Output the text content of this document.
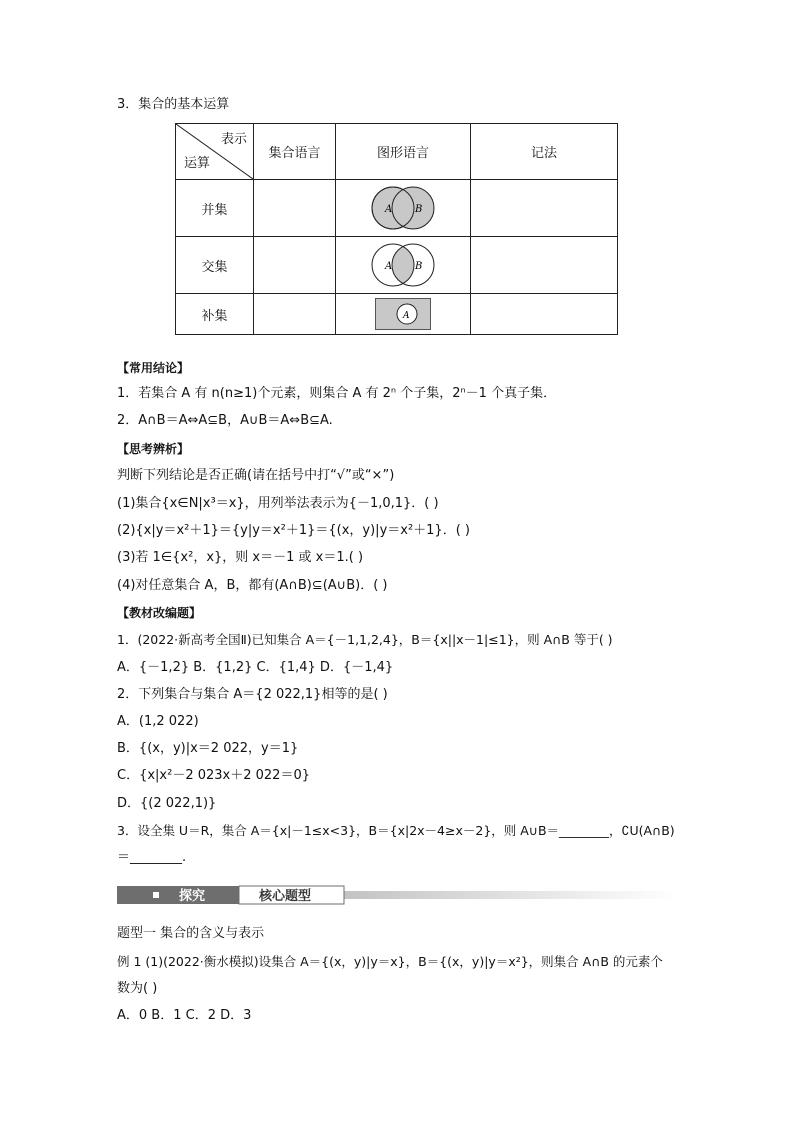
3．集合的基本运算
表示
运算	集合语言	图形语言	记法
并集		A B	

交集		A B	

补集		A	

【常用结论】
1．若集合 A 有 n(n≥1)个元素，则集合 A 有 2ⁿ 个子集，2ⁿ－1 个真子集．
2．A∩B＝A⇔A⊆B，A∪B＝A⇔B⊆A.
【思考辨析】
判断下列结论是否正确(请在括号中打“√”或“×”)
(1)集合{x∈N|x³＝x}，用列举法表示为{－1,0,1}．( )
(2){x|y＝x²＋1}＝{y|y＝x²＋1}＝{(x，y)|y＝x²＋1}．( )
(3)若 1∈{x²，x}，则 x＝－1 或 x＝1.( )
(4)对任意集合 A，B，都有(A∩B)⊆(A∪B)．( )
【教材改编题】
1．(2022·新高考全国Ⅱ)已知集合 A＝{－1,1,2,4}，B＝{x||x－1|≤1}，则 A∩B 等于( )
A．{－1,2} B．{1,2} C．{1,4} D．{－1,4}
2．下列集合与集合 A＝{2 022,1}相等的是( )
A．(1,2 022)
B．{(x，y)|x＝2 022，y＝1}
C．{x|x²－2 023x＋2 022＝0}
D．{(2 022,1)}
3．设全集 U＝R，集合 A＝{x|－1≤x<3}，B＝{x|2x－4≥x－2}，则 A∪B＝________，∁U(A∩B)
＝________.
探究	核心题型
题型一 集合的含义与表示
例 1 (1)(2022·衡水模拟)设集合 A＝{(x，y)|y＝x}，B＝{(x，y)|y＝x²}，则集合 A∩B 的元素个
数为( )
A．0 B．1 C．2 D．3
